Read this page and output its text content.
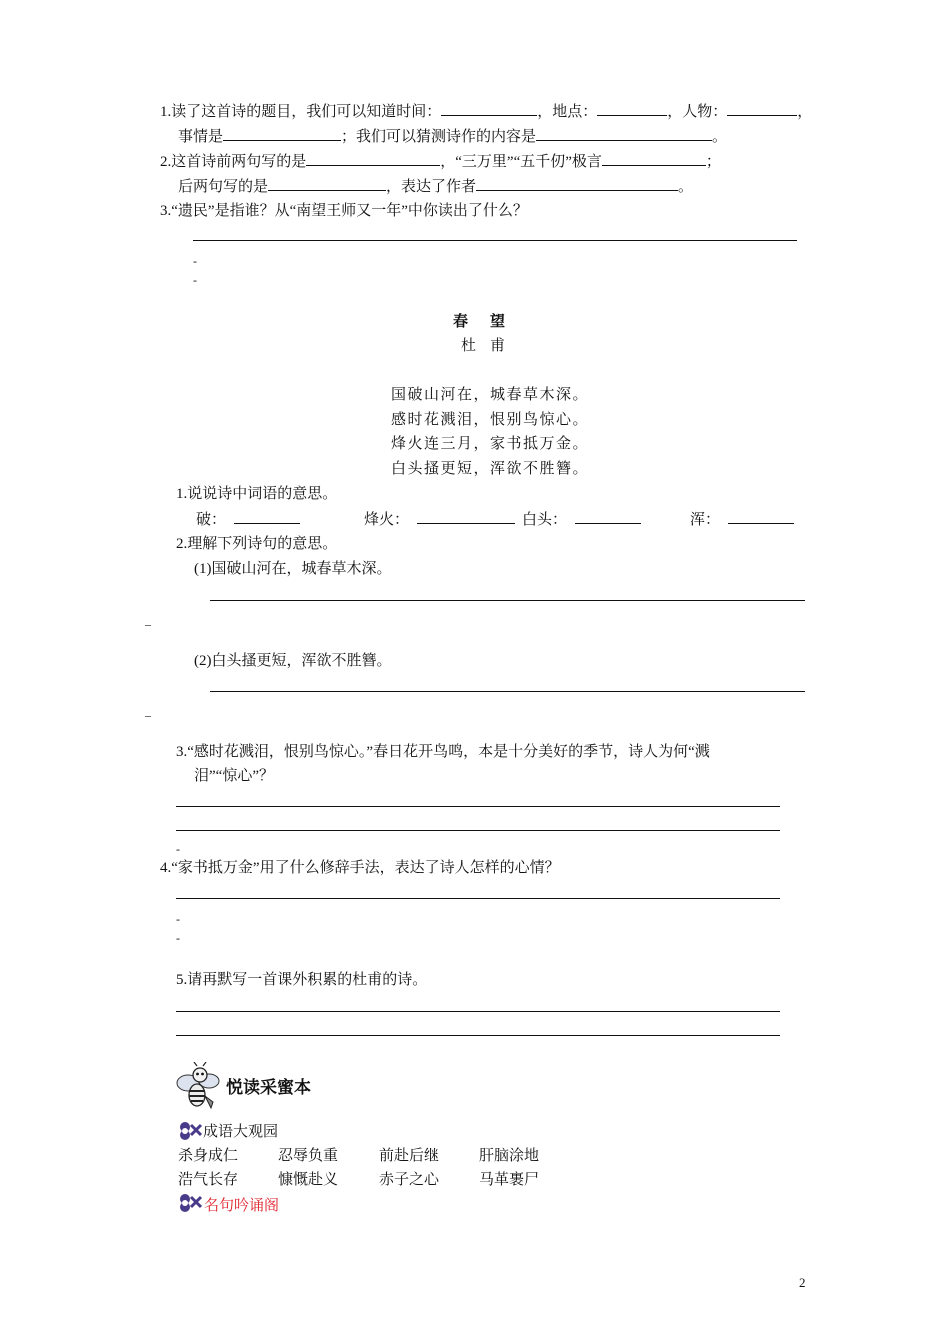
1.读了这首诗的题目，我们可以知道时间：	，地点：	，人物：	，
事情是	；我们可以猜测诗作的内容是	。
2.这首诗前两句写的是	，“三万里”“五千仞”极言	；
后两句写的是	，表达了作者	。
3.“遗民”是指谁？从“南望王师又一年”中你读出了什么？
-
-
春望
杜甫
国破山河在，城春草木深。
感时花溅泪，恨别鸟惊心。
烽火连三月，家书抵万金。
白头搔更短，浑欲不胜簪。
1.说说诗中词语的意思。
破：	烽火：	白头：	浑：
2.理解下列诗句的意思。
(1)国破山河在，城春草木深。
–
(2)白头搔更短，浑欲不胜簪。
–
3.“感时花溅泪，恨别鸟惊心。”春日花开鸟鸣，本是十分美好的季节，诗人为何“溅
泪”“惊心”？
-
4.“家书抵万金”用了什么修辞手法，表达了诗人怎样的心情？
-
-
5.请再默写一首课外积累的杜甫的诗。
悦读采蜜本
成语大观园
杀身成仁	忍辱负重	前赴后继	肝脑涂地
浩气长存	慷慨赴义	赤子之心	马革裹尸
名句吟诵阁
2
